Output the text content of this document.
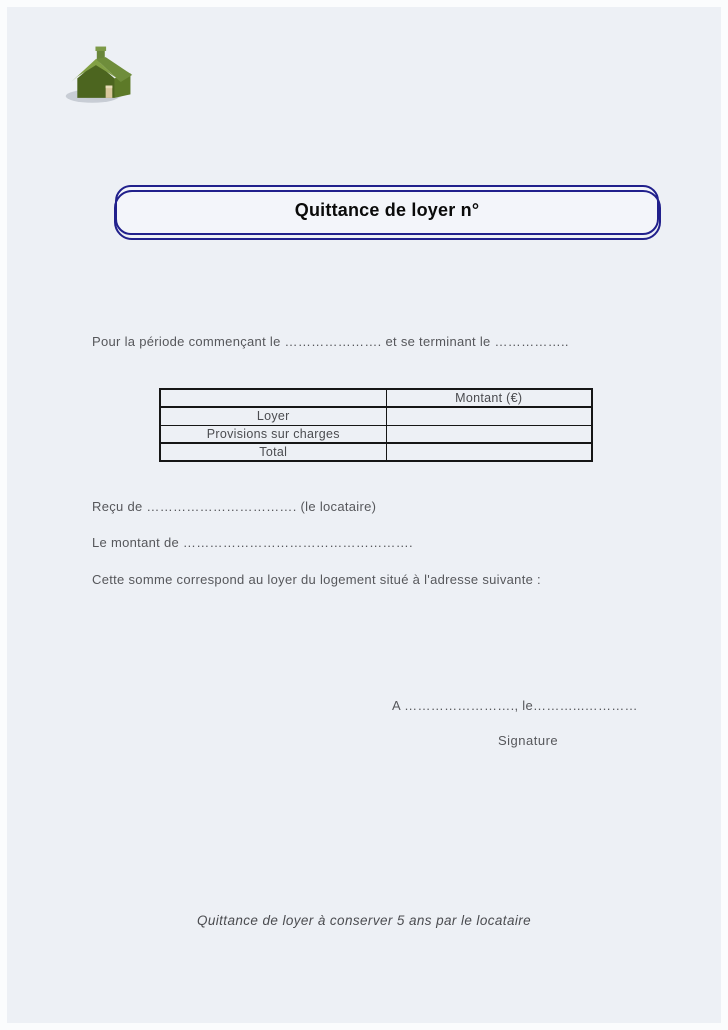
Quittance de loyer n°
Pour la période commençant le …………………. et se terminant le ……………..
	Montant (€)
Loyer	
Provisions sur charges	
Total	
Reçu de ……………………………. (le locataire)
Le montant de …………………………………………….
Cette somme correspond au loyer du logement situé à l'adresse suivante :
A ……………………., le………...…………
Signature
Quittance de loyer à conserver 5 ans par le locataire
